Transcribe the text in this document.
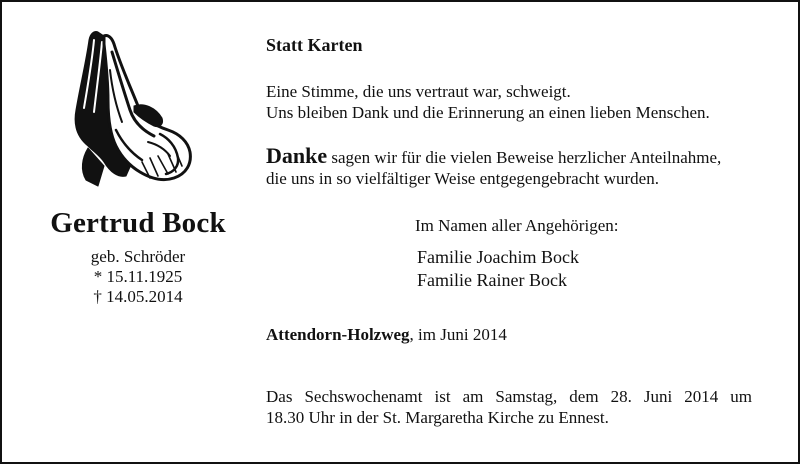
Gertrud Bock
geb. Schröder
* 15.11.1925
† 14.05.2014
Statt Karten
Eine Stimme, die uns vertraut war, schweigt.
Uns bleiben Dank und die Erinnerung an einen lieben Menschen.
Danke sagen wir für die vielen Beweise herzlicher Anteilnahme,
die uns in so vielfältiger Weise entgegengebracht wurden.
Im Namen aller Angehörigen:
Familie Joachim Bock
Familie Rainer Bock
Attendorn-Holzweg, im Juni 2014
Das Sechswochenamt ist am Samstag, dem 28. Juni 2014 um
18.30 Uhr in der St. Margaretha Kirche zu Ennest.
